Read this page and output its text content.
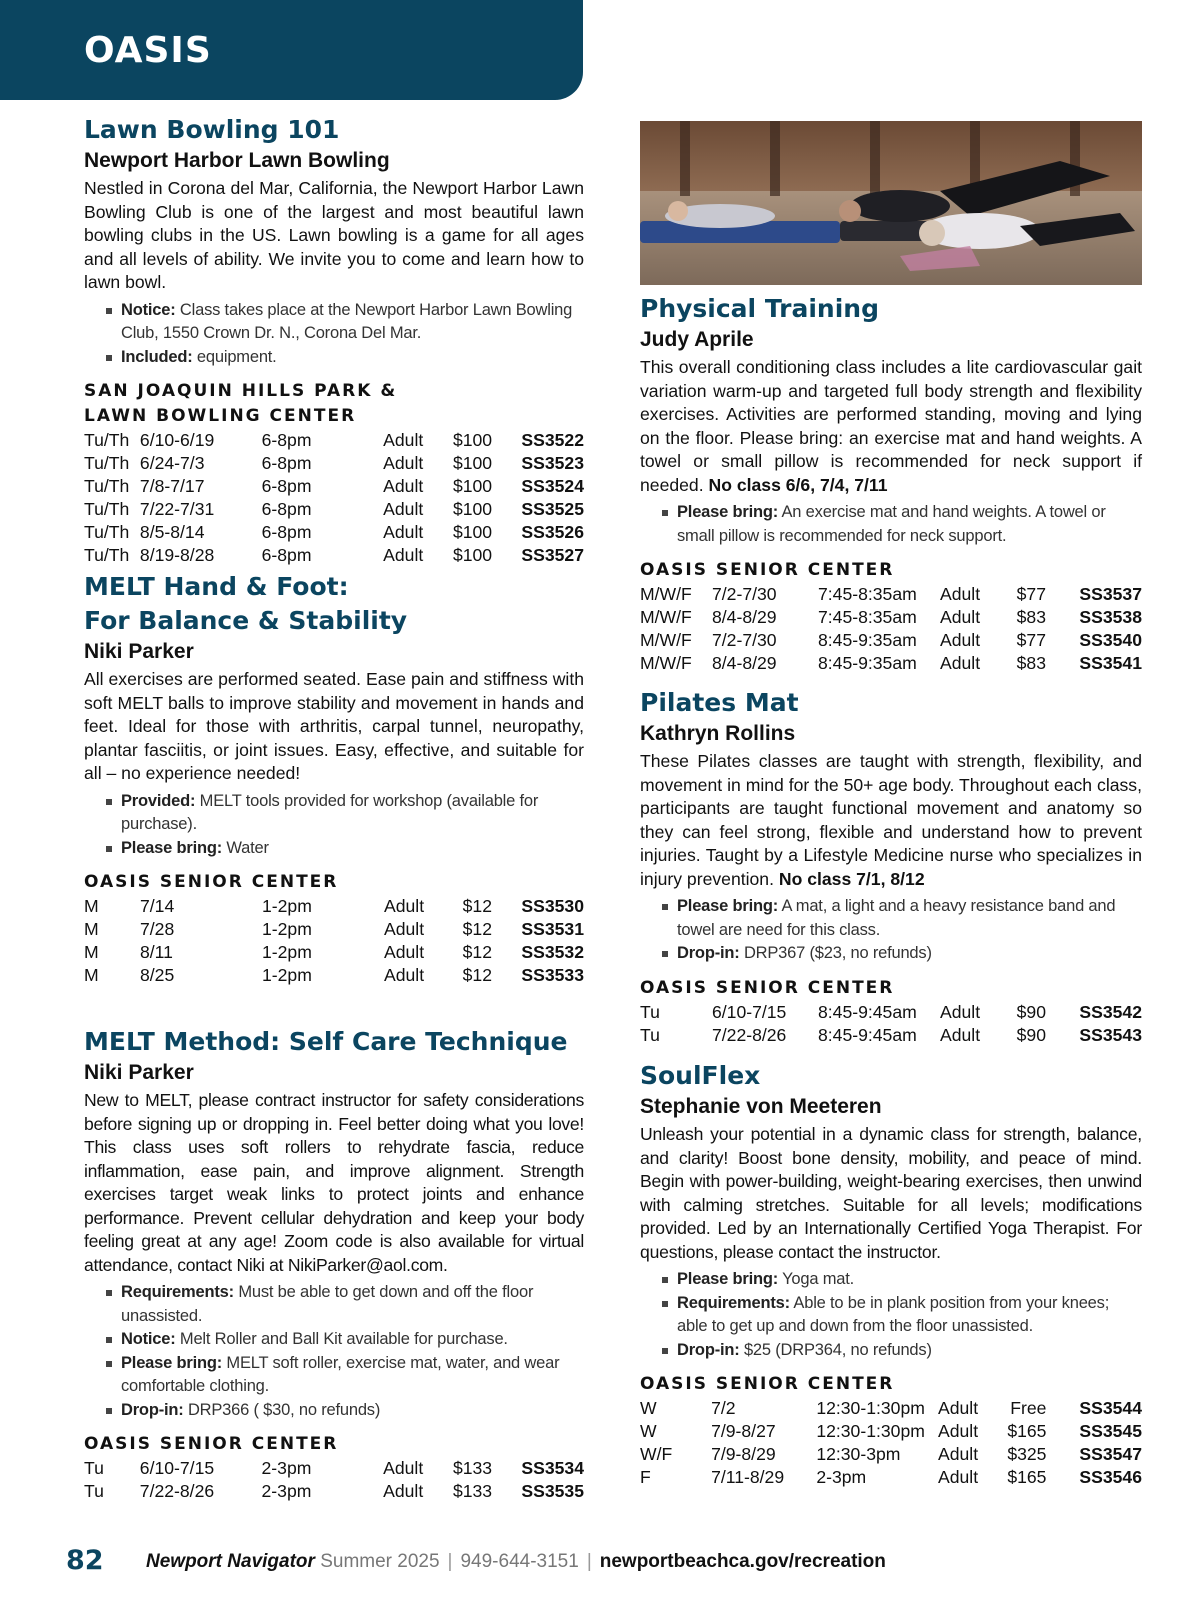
OASIS
Lawn Bowling 101
Newport Harbor Lawn Bowling

Nestled in Corona del Mar, California, the Newport Harbor Lawn Bowling Club is one of the largest and most beautiful lawn bowling clubs in the US. Lawn bowling is a game for all ages and all levels of ability. We invite you to come and learn how to lawn bowl.

Notice: Class takes place at the Newport Harbor Lawn Bowling Club, 1550 Crown Dr. N., Corona Del Mar.
Included: equipment.
SAN JOAQUIN HILLS PARK & LAWN BOWLING CENTER
Tu/Th	6/10-6/19	6-8pm	Adult	$100	SS3522
Tu/Th	6/24-7/3	6-8pm	Adult	$100	SS3523
Tu/Th	7/8-7/17	6-8pm	Adult	$100	SS3524
Tu/Th	7/22-7/31	6-8pm	Adult	$100	SS3525
Tu/Th	8/5-8/14	6-8pm	Adult	$100	SS3526
Tu/Th	8/19-8/28	6-8pm	Adult	$100	SS3527
MELT Hand & Foot:
For Balance & Stability
Niki Parker

All exercises are performed seated. Ease pain and stiffness with soft MELT balls to improve stability and movement in hands and feet. Ideal for those with arthritis, carpal tunnel, neuropathy, plantar fasciitis, or joint issues. Easy, effective, and suitable for all – no experience needed!

Provided: MELT tools provided for workshop (available for purchase).
Please bring: Water
OASIS SENIOR CENTER
M	7/14	1-2pm	Adult	$12	SS3530
M	7/28	1-2pm	Adult	$12	SS3531
M	8/11	1-2pm	Adult	$12	SS3532
M	8/25	1-2pm	Adult	$12	SS3533
MELT Method: Self Care Technique
Niki Parker

New to MELT, please contract instructor for safety considerations before signing up or dropping in. Feel better doing what you love! This class uses soft rollers to rehydrate fascia, reduce inflammation, ease pain, and improve alignment. Strength exercises target weak links to protect joints and enhance performance. Prevent cellular dehydration and keep your body feeling great at any age! Zoom code is also available for virtual attendance, contact Niki at NikiParker@aol.com.

Requirements: Must be able to get down and off the floor unassisted.
Notice: Melt Roller and Ball Kit available for purchase.
Please bring: MELT soft roller, exercise mat, water, and wear comfortable clothing.
Drop-in: DRP366 ( $30, no refunds)
OASIS SENIOR CENTER
Tu	6/10-7/15	2-3pm	Adult	$133	SS3534
Tu	7/22-8/26	2-3pm	Adult	$133	SS3535
Physical Training
Judy Aprile

This overall conditioning class includes a lite cardiovascular gait variation warm-up and targeted full body strength and flexibility exercises. Activities are performed standing, moving and lying on the floor. Please bring: an exercise mat and hand weights. A towel or small pillow is recommended for neck support if needed. No class 6/6, 7/4, 7/11

Please bring: An exercise mat and hand weights. A towel or small pillow is recommended for neck support.
OASIS SENIOR CENTER
M/W/F	7/2-7/30	7:45-8:35am	Adult	$77	SS3537
M/W/F	8/4-8/29	7:45-8:35am	Adult	$83	SS3538
M/W/F	7/2-7/30	8:45-9:35am	Adult	$77	SS3540
M/W/F	8/4-8/29	8:45-9:35am	Adult	$83	SS3541
Pilates Mat
Kathryn Rollins

These Pilates classes are taught with strength, flexibility, and movement in mind for the 50+ age body. Throughout each class, participants are taught functional movement and anatomy so they can feel strong, flexible and understand how to prevent injuries. Taught by a Lifestyle Medicine nurse who specializes in injury prevention. No class 7/1, 8/12

Please bring: A mat, a light and a heavy resistance band and towel are need for this class.
Drop-in: DRP367 ($23, no refunds)
OASIS SENIOR CENTER
Tu	6/10-7/15	8:45-9:45am	Adult	$90	SS3542
Tu	7/22-8/26	8:45-9:45am	Adult	$90	SS3543
SoulFlex
Stephanie von Meeteren

Unleash your potential in a dynamic class for strength, balance, and clarity! Boost bone density, mobility, and peace of mind. Begin with power-building, weight-bearing exercises, then unwind with calming stretches. Suitable for all levels; modifications provided. Led by an Internationally Certified Yoga Therapist. For questions, please contact the instructor.

Please bring: Yoga mat.
Requirements: Able to be in plank position from your knees; able to get up and down from the floor unassisted.
Drop-in: $25 (DRP364, no refunds)
OASIS SENIOR CENTER
W	7/2	12:30-1:30pm	Adult	Free	SS3544
W	7/9-8/27	12:30-1:30pm	Adult	$165	SS3545
W/F	7/9-8/29	12:30-3pm	Adult	$325	SS3547
F	7/11-8/29	2-3pm	Adult	$165	SS3546
82 Newport Navigator Summer 2025 | 949-644-3151 | newportbeachca.gov/recreation
